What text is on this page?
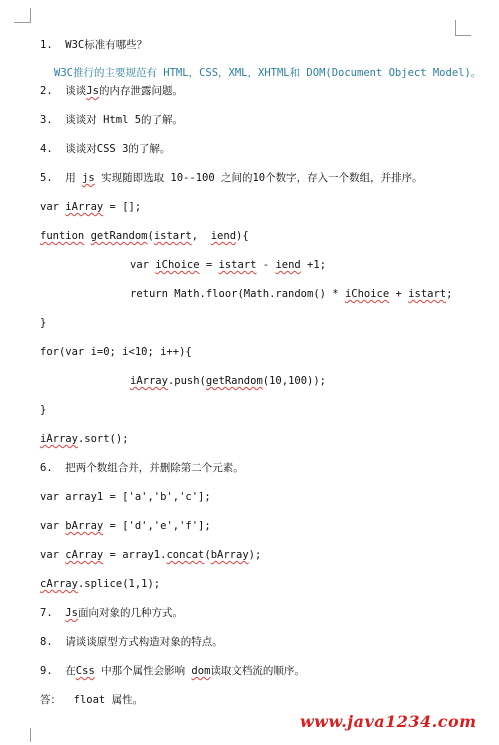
1.  W3C标准有哪些？
W3C推行的主要规范有 HTML，CSS，XML，XHTML和 DOM(Document Object Model)。
2.  谈谈Js的内存泄露问题。
3.  谈谈对 Html 5的了解。
4.  谈谈对CSS 3的了解。
5.  用 js 实现随即选取 10--100 之间的10个数字，存入一个数组，并排序。
var iArray = [];
funtion getRandom(istart,  iend){
var iChoice = istart - iend +1;
return Math.floor(Math.random() * iChoice + istart;
}
for(var i=0; i<10; i++){
iArray.push(getRandom(10,100));
}
iArray.sort();
6.  把两个数组合并，并删除第二个元素。
var array1 = ['a','b','c'];
var bArray = ['d','e','f'];
var cArray = array1.concat(bArray);
cArray.splice(1,1);
7.  Js面向对象的几种方式。
8.  请谈谈原型方式构造对象的特点。
9.  在Css 中那个属性会影响 dom读取文档流的顺序。
答：  float 属性。
www.java1234.com
